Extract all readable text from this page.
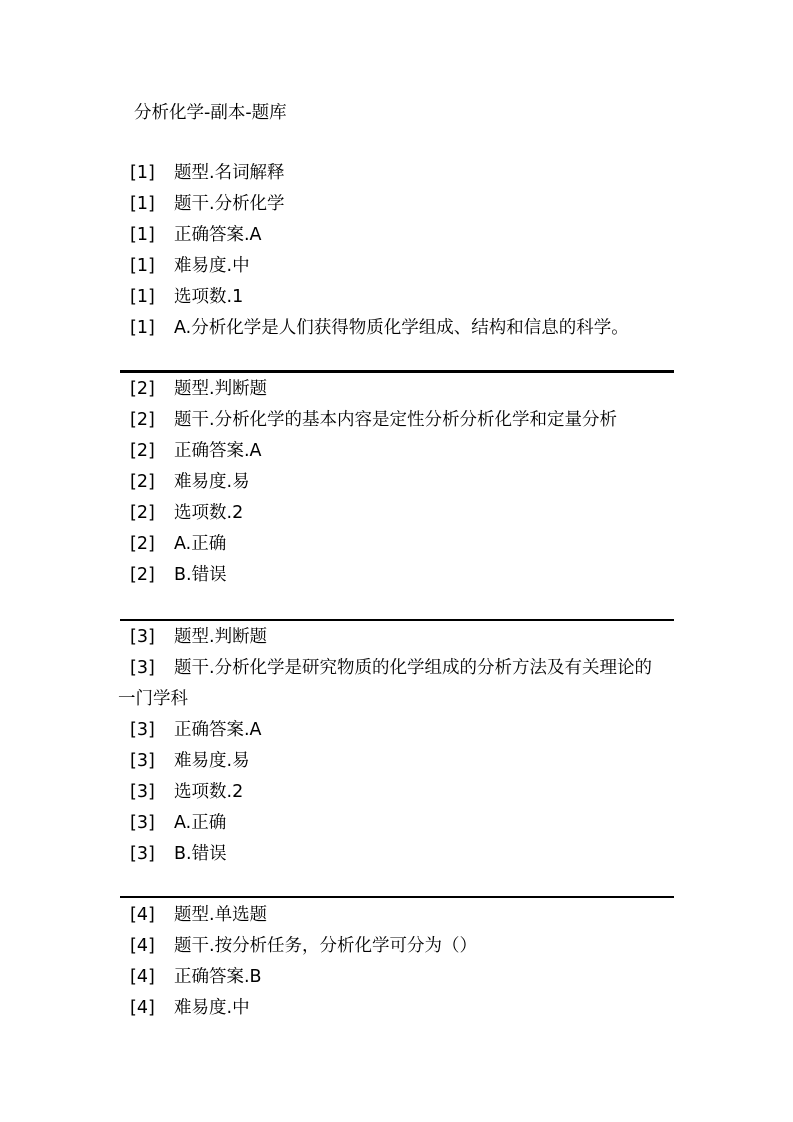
分析化学-副本-题库
[1] 题型.名词解释
[1] 题干.分析化学
[1] 正确答案.A
[1] 难易度.中
[1] 选项数.1
[1] A.分析化学是人们获得物质化学组成、结构和信息的科学。
[2] 题型.判断题
[2] 题干.分析化学的基本内容是定性分析分析化学和定量分析
[2] 正确答案.A
[2] 难易度.易
[2] 选项数.2
[2] A.正确
[2] B.错误
[3] 题型.判断题
[3] 题干.分析化学是研究物质的化学组成的分析方法及有关理论的
一门学科
[3] 正确答案.A
[3] 难易度.易
[3] 选项数.2
[3] A.正确
[3] B.错误
[4] 题型.单选题
[4] 题干.按分析任务，分析化学可分为（）
[4] 正确答案.B
[4] 难易度.中
